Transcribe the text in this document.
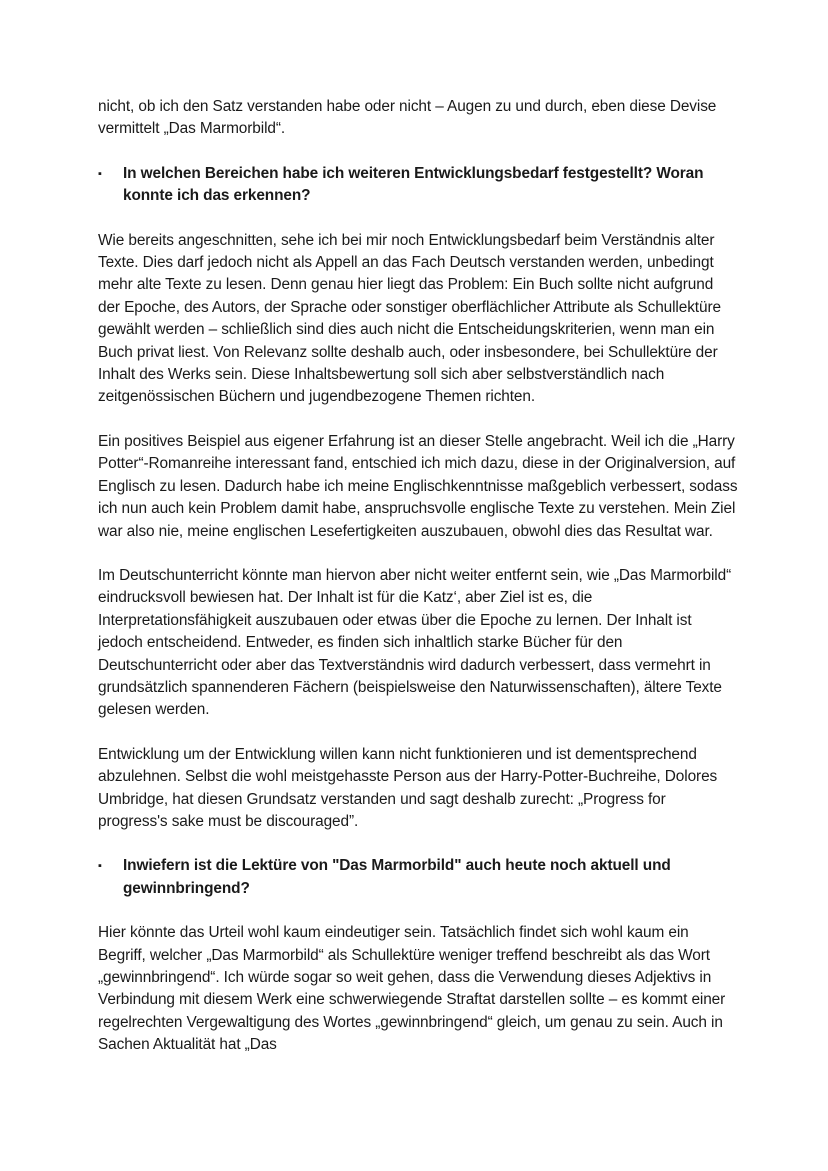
nicht, ob ich den Satz verstanden habe oder nicht – Augen zu und durch, eben diese Devise vermittelt „Das Marmorbild“.

▪	In welchen Bereichen habe ich weiteren Entwicklungsbedarf festgestellt? Woran konnte ich das erkennen?

Wie bereits angeschnitten, sehe ich bei mir noch Entwicklungsbedarf beim Verständnis alter Texte. Dies darf jedoch nicht als Appell an das Fach Deutsch verstanden werden, unbedingt mehr alte Texte zu lesen. Denn genau hier liegt das Problem: Ein Buch sollte nicht aufgrund der Epoche, des Autors, der Sprache oder sonstiger oberflächlicher Attribute als Schullektüre gewählt werden – schließlich sind dies auch nicht die Entscheidungskriterien, wenn man ein Buch privat liest. Von Relevanz sollte deshalb auch, oder insbesondere, bei Schullektüre der Inhalt des Werks sein. Diese Inhaltsbewertung soll sich aber selbstverständlich nach zeitgenössischen Büchern und jugendbezogene Themen richten.

Ein positives Beispiel aus eigener Erfahrung ist an dieser Stelle angebracht. Weil ich die „Harry Potter“-Romanreihe interessant fand, entschied ich mich dazu, diese in der Originalversion, auf Englisch zu lesen. Dadurch habe ich meine Englischkenntnisse maßgeblich verbessert, sodass ich nun auch kein Problem damit habe, anspruchsvolle englische Texte zu verstehen. Mein Ziel war also nie, meine englischen Lesefertigkeiten auszubauen, obwohl dies das Resultat war.

Im Deutschunterricht könnte man hiervon aber nicht weiter entfernt sein, wie „Das Marmorbild“ eindrucksvoll bewiesen hat. Der Inhalt ist für die Katz‘, aber Ziel ist es, die Interpretationsfähigkeit auszubauen oder etwas über die Epoche zu lernen. Der Inhalt ist jedoch entscheidend. Entweder, es finden sich inhaltlich starke Bücher für den Deutschunterricht oder aber das Textverständnis wird dadurch verbessert, dass vermehrt in grundsätzlich spannenderen Fächern (beispielsweise den Naturwissenschaften), ältere Texte gelesen werden.

Entwicklung um der Entwicklung willen kann nicht funktionieren und ist dementsprechend abzulehnen. Selbst die wohl meistgehasste Person aus der Harry-Potter-Buchreihe, Dolores Umbridge, hat diesen Grundsatz verstanden und sagt deshalb zurecht: „Progress for progress's sake must be discouraged”.

▪	Inwiefern ist die Lektüre von "Das Marmorbild" auch heute noch aktuell und gewinnbringend?

Hier könnte das Urteil wohl kaum eindeutiger sein. Tatsächlich findet sich wohl kaum ein Begriff, welcher „Das Marmorbild“ als Schullektüre weniger treffend beschreibt als das Wort „gewinnbringend“. Ich würde sogar so weit gehen, dass die Verwendung dieses Adjektivs in Verbindung mit diesem Werk eine schwerwiegende Straftat darstellen sollte – es kommt einer regelrechten Vergewaltigung des Wortes „gewinnbringend“ gleich, um genau zu sein. Auch in Sachen Aktualität hat „Das
